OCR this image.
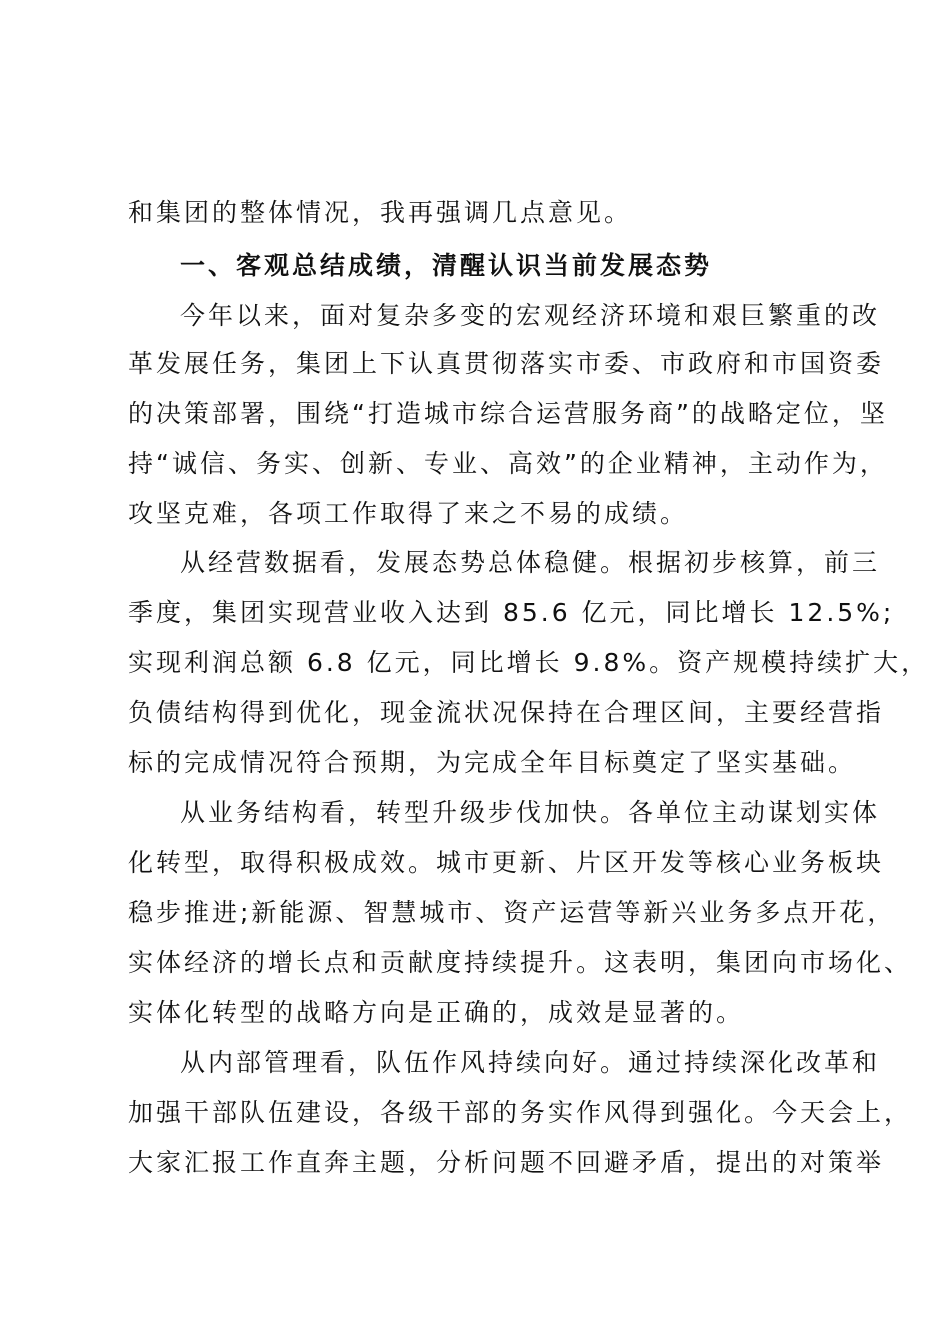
和集团的整体情况，我再强调几点意见。
一、客观总结成绩，清醒认识当前发展态势
今年以来，面对复杂多变的宏观经济环境和艰巨繁重的改
革发展任务，集团上下认真贯彻落实市委、市政府和市国资委
的决策部署，围绕“打造城市综合运营服务商”的战略定位，坚
持“诚信、务实、创新、专业、高效”的企业精神，主动作为，
攻坚克难，各项工作取得了来之不易的成绩。
从经营数据看，发展态势总体稳健。根据初步核算，前三
季度，集团实现营业收入达到 85.6 亿元，同比增长 12.5%;
实现利润总额 6.8 亿元，同比增长 9.8%。资产规模持续扩大，
负债结构得到优化，现金流状况保持在合理区间，主要经营指
标的完成情况符合预期，为完成全年目标奠定了坚实基础。
从业务结构看，转型升级步伐加快。各单位主动谋划实体
化转型，取得积极成效。城市更新、片区开发等核心业务板块
稳步推进;新能源、智慧城市、资产运营等新兴业务多点开花，
实体经济的增长点和贡献度持续提升。这表明，集团向市场化、
实体化转型的战略方向是正确的，成效是显著的。
从内部管理看，队伍作风持续向好。通过持续深化改革和
加强干部队伍建设，各级干部的务实作风得到强化。今天会上，
大家汇报工作直奔主题，分析问题不回避矛盾，提出的对策举
